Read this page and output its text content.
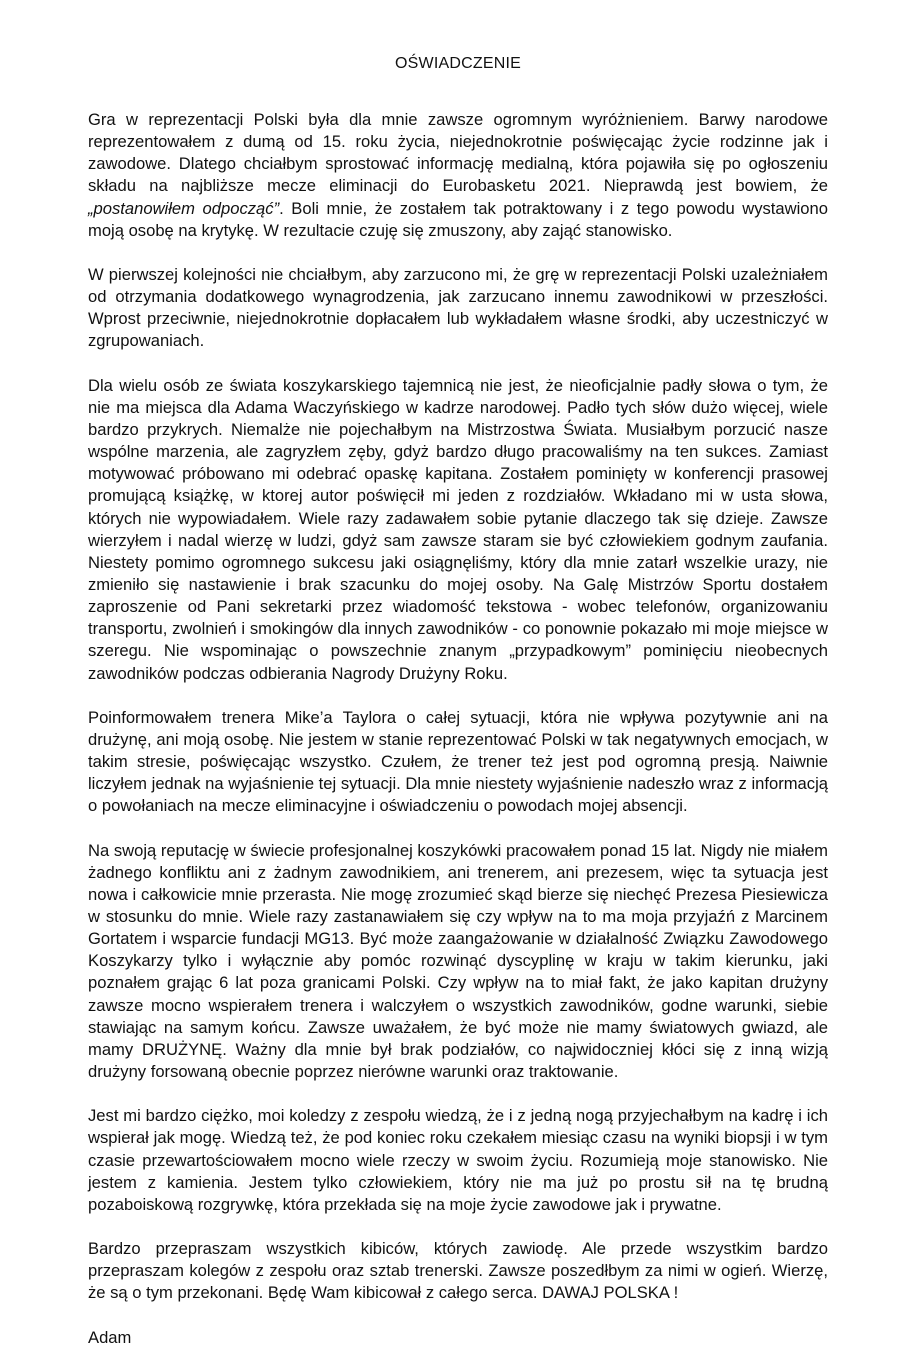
OŚWIADCZENIE

Gra w reprezentacji Polski była dla mnie zawsze ogromnym wyróżnieniem. Barwy narodowe reprezentowałem z dumą od 15. roku życia, niejednokrotnie poświęcając życie rodzinne jak i zawodowe. Dlatego chciałbym sprostować informację medialną, która pojawiła się po ogłoszeniu składu na najbliższe mecze eliminacji do Eurobasketu 2021. Nieprawdą jest bowiem, że „postanowiłem odpocząć”. Boli mnie, że zostałem tak potraktowany i z tego powodu wystawiono moją osobę na krytykę. W rezultacie czuję się zmuszony, aby zająć stanowisko.

W pierwszej kolejności nie chciałbym, aby zarzucono mi, że grę w reprezentacji Polski uzależniałem od otrzymania dodatkowego wynagrodzenia, jak zarzucano innemu zawodnikowi w przeszłości. Wprost przeciwnie, niejednokrotnie dopłacałem lub wykładałem własne środki, aby uczestniczyć w zgrupowaniach.

Dla wielu osób ze świata koszykarskiego tajemnicą nie jest, że nieoficjalnie padły słowa o tym, że nie ma miejsca dla Adama Waczyńskiego w kadrze narodowej. Padło tych słów dużo więcej, wiele bardzo przykrych. Niemalże nie pojechałbym na Mistrzostwa Świata. Musiałbym porzucić nasze wspólne marzenia, ale zagryzłem zęby, gdyż bardzo długo pracowaliśmy na ten sukces. Zamiast motywować próbowano mi odebrać opaskę kapitana. Zostałem pominięty w konferencji prasowej promującą książkę, w ktorej autor poświęcił mi jeden z rozdziałów. Wkładano mi w usta słowa, których nie wypowiadałem. Wiele razy zadawałem sobie pytanie dlaczego tak się dzieje. Zawsze wierzyłem i nadal wierzę w ludzi, gdyż sam zawsze staram sie być człowiekiem godnym zaufania. Niestety pomimo ogromnego sukcesu jaki osiągnęliśmy, który dla mnie zatarł wszelkie urazy, nie zmieniło się nastawienie i brak szacunku do mojej osoby. Na Galę Mistrzów Sportu dostałem zaproszenie od Pani sekretarki przez wiadomość tekstowa - wobec telefonów, organizowaniu transportu, zwolnień i smokingów dla innych zawodników - co ponownie pokazało mi moje miejsce w szeregu. Nie wspominając o powszechnie znanym „przypadkowym” pominięciu nieobecnych zawodników podczas odbierania Nagrody Drużyny Roku.

Poinformowałem trenera Mike’a Taylora o całej sytuacji, która nie wpływa pozytywnie ani na drużynę, ani moją osobę. Nie jestem w stanie reprezentować Polski w tak negatywnych emocjach, w takim stresie, poświęcając wszystko. Czułem, że trener też jest pod ogromną presją. Naiwnie liczyłem jednak na wyjaśnienie tej sytuacji. Dla mnie niestety wyjaśnienie nadeszło wraz z informacją o powołaniach na mecze eliminacyjne i oświadczeniu o powodach mojej absencji.

Na swoją reputację w świecie profesjonalnej koszykówki pracowałem ponad 15 lat. Nigdy nie miałem żadnego konfliktu ani z żadnym zawodnikiem, ani trenerem, ani prezesem, więc ta sytuacja jest nowa i całkowicie mnie przerasta. Nie mogę zrozumieć skąd bierze się niechęć Prezesa Piesiewicza w stosunku do mnie. Wiele razy zastanawiałem się czy wpływ na to ma moja przyjaźń z Marcinem Gortatem i wsparcie fundacji MG13. Być może zaangażowanie w działalność Związku Zawodowego Koszykarzy tylko i wyłącznie aby pomóc rozwinąć dyscyplinę w kraju w takim kierunku, jaki poznałem grając 6 lat poza granicami Polski. Czy wpływ na to miał fakt, że jako kapitan drużyny zawsze mocno wspierałem trenera i walczyłem o wszystkich zawodników, godne warunki, siebie stawiając na samym końcu. Zawsze uważałem, że być może nie mamy światowych gwiazd, ale mamy DRUŻYNĘ. Ważny dla mnie był brak podziałów, co najwidoczniej kłóci się z inną wizją drużyny forsowaną obecnie poprzez nierówne warunki oraz traktowanie.

Jest mi bardzo ciężko, moi koledzy z zespołu wiedzą, że i z jedną nogą przyjechałbym na kadrę i ich wspierał jak mogę. Wiedzą też, że pod koniec roku czekałem miesiąc czasu na wyniki biopsji i w tym czasie przewartościowałem mocno wiele rzeczy w swoim życiu. Rozumieją moje stanowisko. Nie jestem z kamienia. Jestem tylko człowiekiem, który nie ma już po prostu sił na tę brudną pozaboiskową rozgrywkę, która przekłada się na moje życie zawodowe jak i prywatne.

Bardzo przepraszam wszystkich kibiców, których zawiodę. Ale przede wszystkim bardzo przepraszam kolegów z zespołu oraz sztab trenerski. Zawsze poszedłbym za nimi w ogień. Wierzę, że są o tym przekonani. Będę Wam kibicował z całego serca. DAWAJ POLSKA !

Adam
